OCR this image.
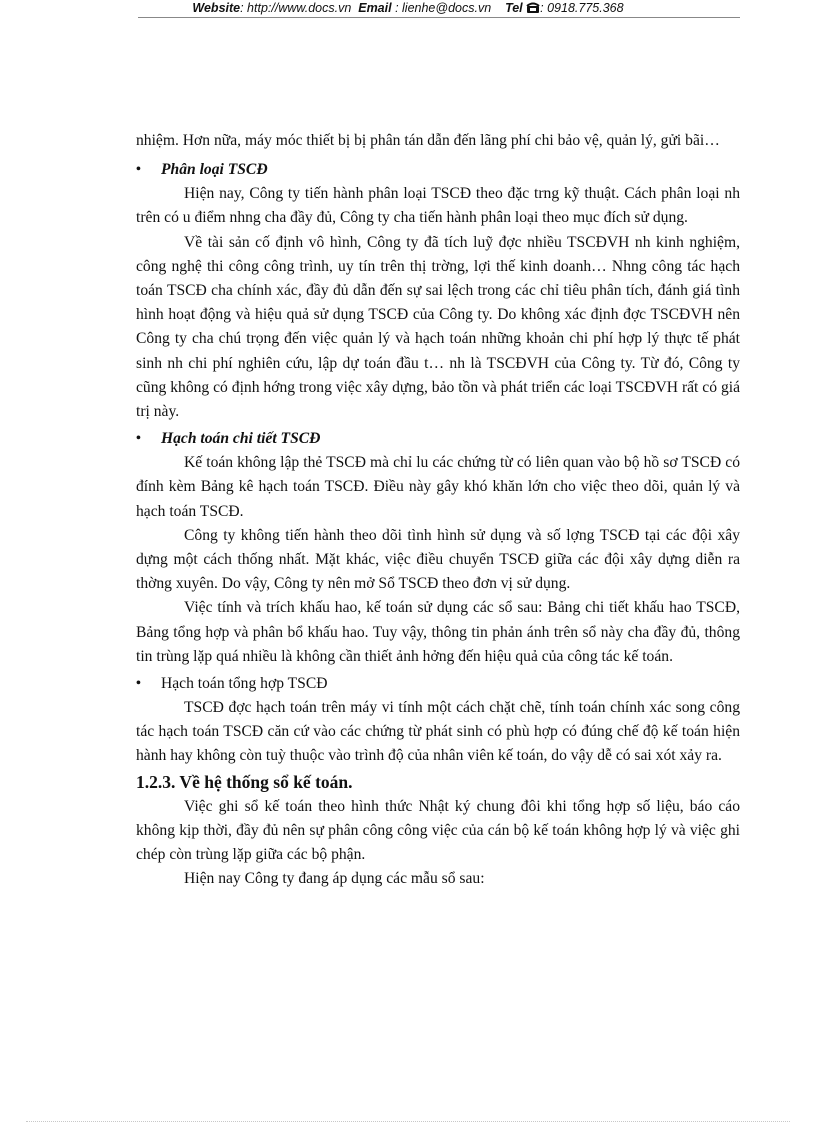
Website: http://www.docs.vn Email : lienhe@docs.vn Tel : 0918.775.368

nhiệm. Hơn nữa, máy móc thiết bị bị phân tán dẫn đến lãng phí chi bảo vệ, quản lý, gửi bãi…

• Phân loại TSCĐ

Hiện nay, Công ty tiến hành phân loại TSCĐ theo đặc trng kỹ thuật. Cách phân loại nh trên có u điểm nhng cha đầy đủ, Công ty cha tiến hành phân loại theo mục đích sử dụng.

Về tài sản cố định vô hình, Công ty đã tích luỹ đợc nhiều TSCĐVH nh kinh nghiệm, công nghệ thi công công trình, uy tín trên thị trờng, lợi thế kinh doanh… Nhng công tác hạch toán TSCĐ cha chính xác, đầy đủ dẫn đến sự sai lệch trong các chỉ tiêu phân tích, đánh giá tình hình hoạt động và hiệu quả sử dụng TSCĐ của Công ty. Do không xác định đợc TSCĐVH nên Công ty cha chú trọng đến việc quản lý và hạch toán những khoản chi phí hợp lý thực tế phát sinh nh chi phí nghiên cứu, lập dự toán đầu t… nh là TSCĐVH của Công ty. Từ đó, Công ty cũng không có định hớng trong việc xây dựng, bảo tồn và phát triển các loại TSCĐVH rất có giá trị này.

• Hạch toán chi tiết TSCĐ

Kế toán không lập thẻ TSCĐ mà chỉ lu các chứng từ có liên quan vào bộ hồ sơ TSCĐ có đính kèm Bảng kê hạch toán TSCĐ. Điều này gây khó khăn lớn cho việc theo dõi, quản lý và hạch toán TSCĐ.

Công ty không tiến hành theo dõi tình hình sử dụng và số lợng TSCĐ tại các đội xây dựng một cách thống nhất. Mặt khác, việc điều chuyển TSCĐ giữa các đội xây dựng diễn ra thờng xuyên. Do vậy, Công ty nên mở Sổ TSCĐ theo đơn vị sử dụng.

Việc tính và trích khấu hao, kế toán sử dụng các sổ sau: Bảng chi tiết khấu hao TSCĐ, Bảng tổng hợp và phân bổ khấu hao. Tuy vậy, thông tin phản ánh trên sổ này cha đầy đủ, thông tin trùng lặp quá nhiều là không cần thiết ảnh hởng đến hiệu quả của công tác kế toán.

• Hạch toán tổng hợp TSCĐ

TSCĐ đợc hạch toán trên máy vi tính một cách chặt chẽ, tính toán chính xác song công tác hạch toán TSCĐ căn cứ vào các chứng từ phát sinh có phù hợp có đúng chế độ kế toán hiện hành hay không còn tuỳ thuộc vào trình độ của nhân viên kế toán, do vậy dễ có sai xót xảy ra.

1.2.3. Về hệ thống sổ kế toán.

Việc ghi sổ kế toán theo hình thức Nhật ký chung đôi khi tổng hợp số liệu, báo cáo không kịp thời, đầy đủ nên sự phân công công việc của cán bộ kế toán không hợp lý và việc ghi chép còn trùng lặp giữa các bộ phận.

Hiện nay Công ty đang áp dụng các mẫu sổ sau:
